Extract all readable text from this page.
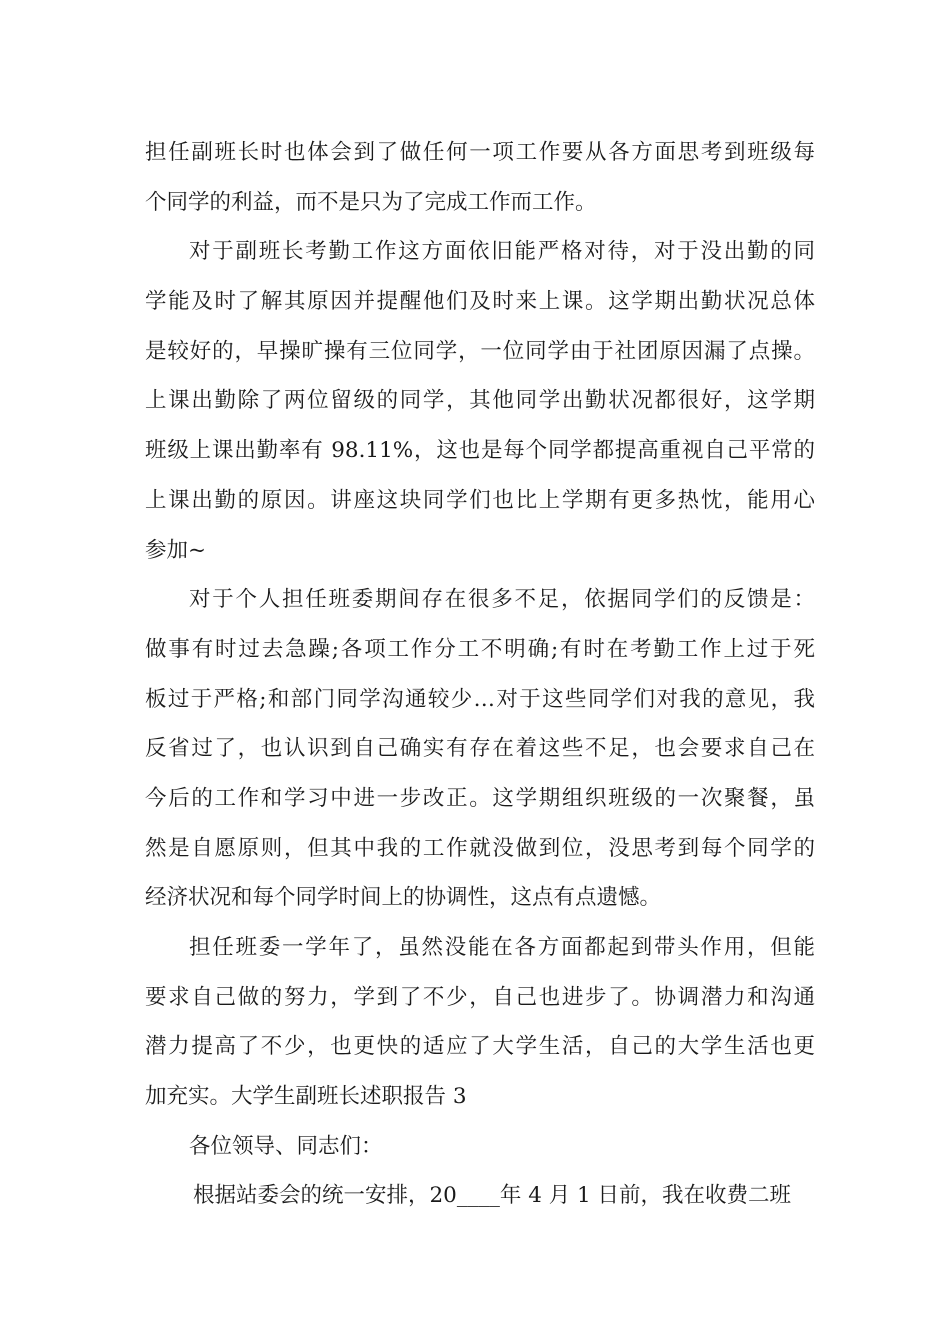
担任副班长时也体会到了做任何一项工作要从各方面思考到班级每
个同学的利益，而不是只为了完成工作而工作。
对于副班长考勤工作这方面依旧能严格对待，对于没出勤的同
学能及时了解其原因并提醒他们及时来上课。这学期出勤状况总体
是较好的，早操旷操有三位同学，一位同学由于社团原因漏了点操。
上课出勤除了两位留级的同学，其他同学出勤状况都很好，这学期
班级上课出勤率有 98.11%，这也是每个同学都提高重视自己平常的
上课出勤的原因。讲座这块同学们也比上学期有更多热忱，能用心
参加~
对于个人担任班委期间存在很多不足，依据同学们的反馈是：
做事有时过去急躁;各项工作分工不明确;有时在考勤工作上过于死
板过于严格;和部门同学沟通较少…对于这些同学们对我的意见，我
反省过了，也认识到自己确实有存在着这些不足，也会要求自己在
今后的工作和学习中进一步改正。这学期组织班级的一次聚餐，虽
然是自愿原则，但其中我的工作就没做到位，没思考到每个同学的
经济状况和每个同学时间上的协调性，这点有点遗憾。
担任班委一学年了，虽然没能在各方面都起到带头作用，但能
要求自己做的努力，学到了不少，自己也进步了。协调潜力和沟通
潜力提高了不少，也更快的适应了大学生活，自己的大学生活也更
加充实。大学生副班长述职报告 3
各位领导、同志们：
根据站委会的统一安排，20____年 4 月 1 日前，我在收费二班
